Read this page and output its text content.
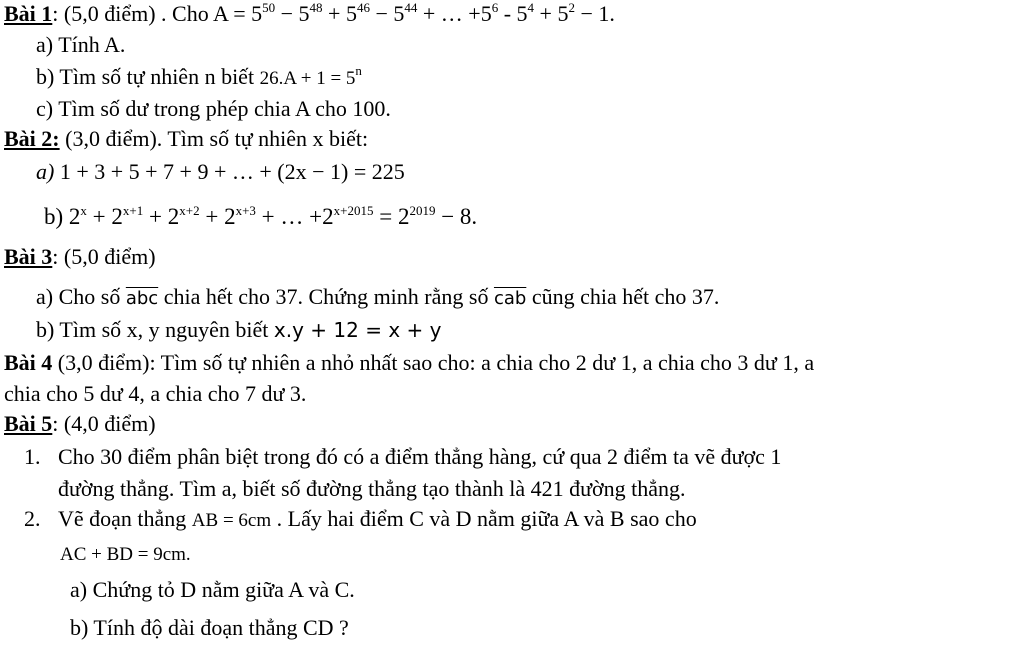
Bài 1: (5,0 điểm) . Cho $A = 5^{50} - 5^{48} + 5^{46} - 5^{44}$ + … $+5^6 - 5^4 + 5^2 - 1$.
a) Tính A.
b) Tìm số tự nhiên n biết $26.A + 1 = 5^n$
c) Tìm số dư trong phép chia A cho 100.
Bài 2: (3,0 điểm). Tìm số tự nhiên x biết:
a) 1 + 3 + 5 + 7 + 9 + … + (2x − 1) = 225
b) $2^x + 2^{x+1} + 2^{x+2} + 2^{x+3}$ + … $+2^{x+2015} = 2^{2019} - 8$.
Bài 3: (5,0 điểm)
a) Cho số $\overline{abc}$ chia hết cho 37. Chứng minh rằng số $\overline{cab}$ cũng chia hết cho 37.
b) Tìm số x, y nguyên biết x.y + 12 = x + y
Bài 4 (3,0 điểm): Tìm số tự nhiên a nhỏ nhất sao cho: a chia cho 2 dư 1, a chia cho 3 dư 1, a
chia cho 5 dư 4, a chia cho 7 dư 3.
Bài 5: (4,0 điểm)
1. Cho 30 điểm phân biệt trong đó có a điểm thẳng hàng, cứ qua 2 điểm ta vẽ được 1
đường thẳng. Tìm a, biết số đường thẳng tạo thành là 421 đường thẳng.
2. Vẽ đoạn thẳng AB = 6cm . Lấy hai điểm C và D nằm giữa A và B sao cho
AC + BD = 9cm.
a) Chứng tỏ D nằm giữa A và C.
b) Tính độ dài đoạn thẳng CD ?
